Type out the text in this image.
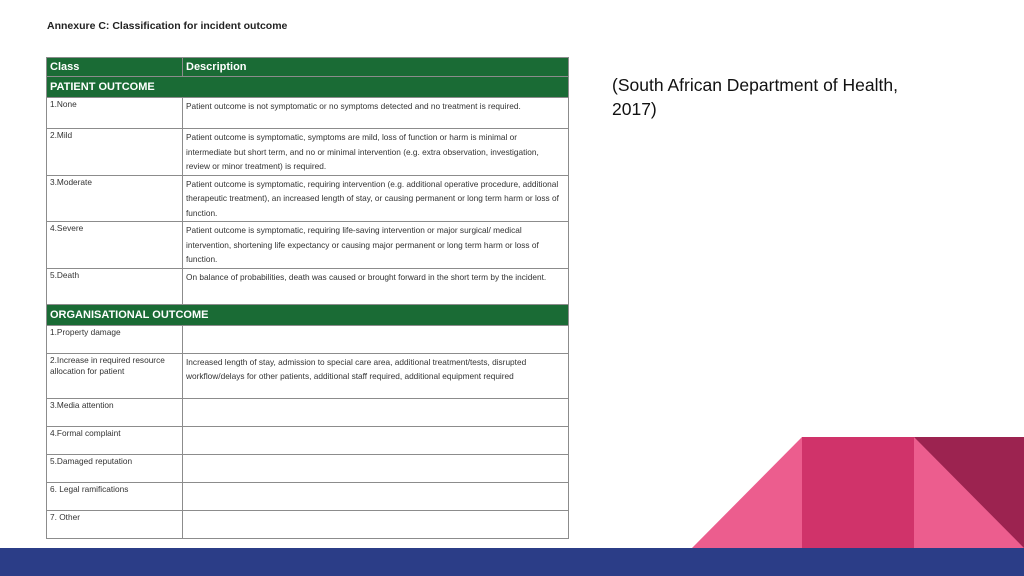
Annexure C: Classification for incident outcome
Class	Description
PATIENT OUTCOME	
1.None	Patient outcome is not symptomatic or no symptoms detected and no treatment is required.
2.Mild	Patient outcome is symptomatic, symptoms are mild, loss of function or harm is minimal or intermediate but short term, and no or minimal intervention (e.g. extra observation, investigation, review or minor treatment) is required.
3.Moderate	Patient outcome is symptomatic, requiring intervention (e.g. additional operative procedure, additional therapeutic treatment), an increased length of stay, or causing permanent or long term harm or loss of function.
4.Severe	Patient outcome is symptomatic, requiring life-saving intervention or major surgical/ medical intervention, shortening life expectancy or causing major permanent or long term harm or loss of function.
5.Death	On balance of probabilities, death was caused or brought forward in the short term by the incident.
ORGANISATIONAL OUTCOME	
1.Property damage	
2.Increase in required resource allocation for patient	Increased length of stay, admission to special care area, additional treatment/tests, disrupted workflow/delays for other patients, additional staff required, additional equipment required
3.Media attention	
4.Formal complaint	
5.Damaged reputation	
6. Legal ramifications	
7. Other	
(South African Department of Health, 2017)
